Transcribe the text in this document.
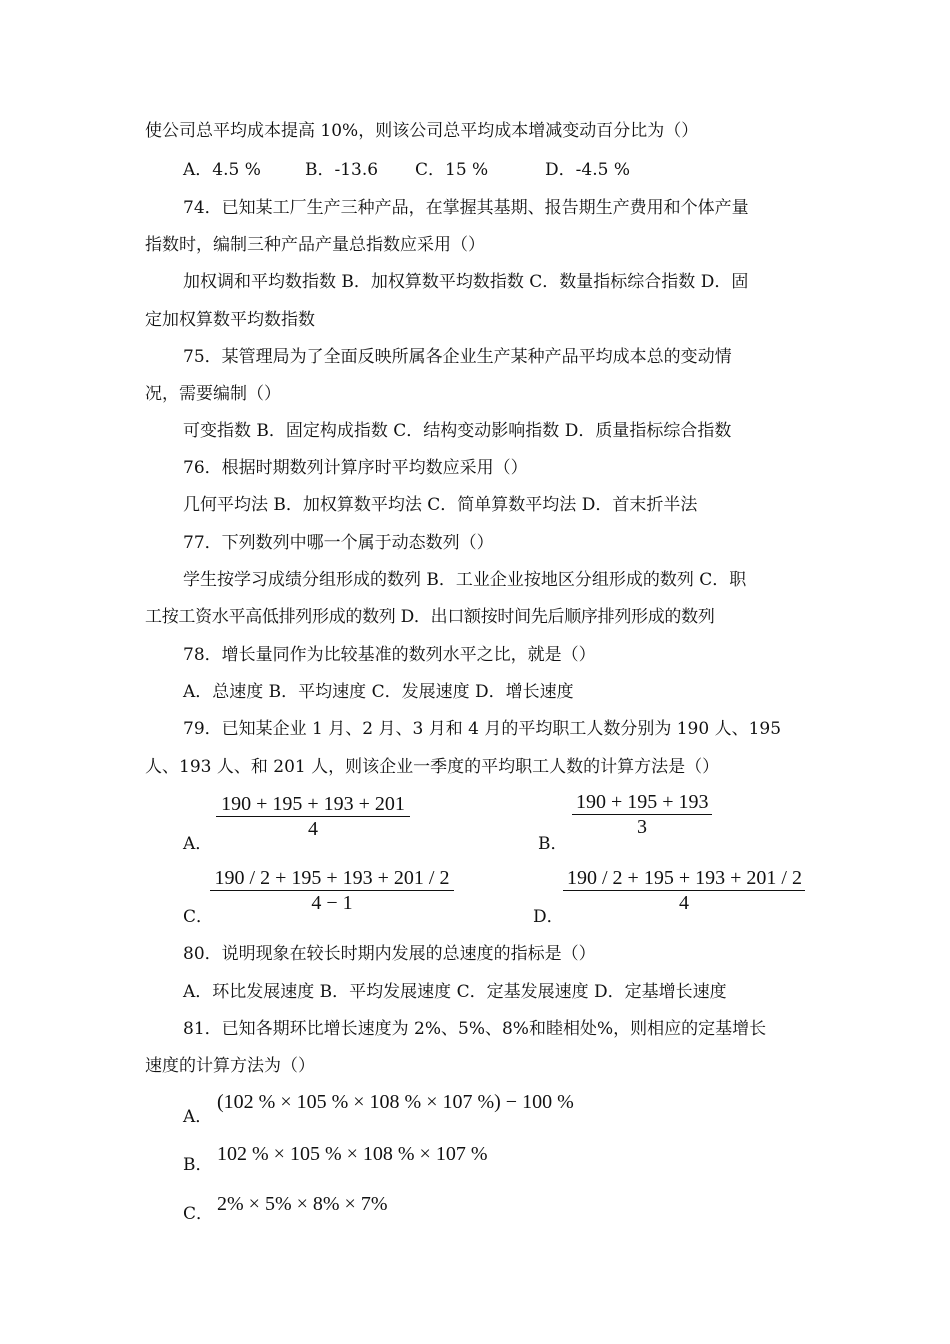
使公司总平均成本提高 10%，则该公司总平均成本增减变动百分比为（）
A．4.5 %	B．-13.6 C．15 %	D．-4.5 %
74．已知某工厂生产三种产品，在掌握其基期、报告期生产费用和个体产量
指数时，编制三种产品产量总指数应采用（）
加权调和平均数指数 B．加权算数平均数指数 C．数量指标综合指数 D．固
定加权算数平均数指数
75．某管理局为了全面反映所属各企业生产某种产品平均成本总的变动情
况，需要编制（）
可变指数 B．固定构成指数 C．结构变动影响指数 D．质量指标综合指数
76．根据时期数列计算序时平均数应采用（）
几何平均法 B．加权算数平均法 C．简单算数平均法 D．首末折半法
77．下列数列中哪一个属于动态数列（）
学生按学习成绩分组形成的数列 B．工业企业按地区分组形成的数列 C．职
工按工资水平高低排列形成的数列 D．出口额按时间先后顺序排列形成的数列
78．增长量同作为比较基准的数列水平之比，就是（）
A．总速度 B．平均速度 C．发展速度 D．增长速度
79．已知某企业 1 月、2 月、3 月和 4 月的平均职工人数分别为 190 人、195
人、193 人、和 201 人，则该企业一季度的平均职工人数的计算方法是（）
A．
190 + 195 + 193 + 201
4
B．
190 + 195 + 193
3
C．
190 / 2 + 195 + 193 + 201 / 2
4 − 1
D．
190 / 2 + 195 + 193 + 201 / 2
4
80．说明现象在较长时期内发展的总速度的指标是（）
A．环比发展速度 B．平均发展速度 C．定基发展速度 D．定基增长速度
81．已知各期环比增长速度为 2%、5%、8%和睦相处%，则相应的定基增长
速度的计算方法为（）
A．
(102 % × 105 % × 108 % × 107 %) − 100 %
B． 102 % × 105 % × 108 % × 107 %
C． 2% × 5% × 8% × 7%
